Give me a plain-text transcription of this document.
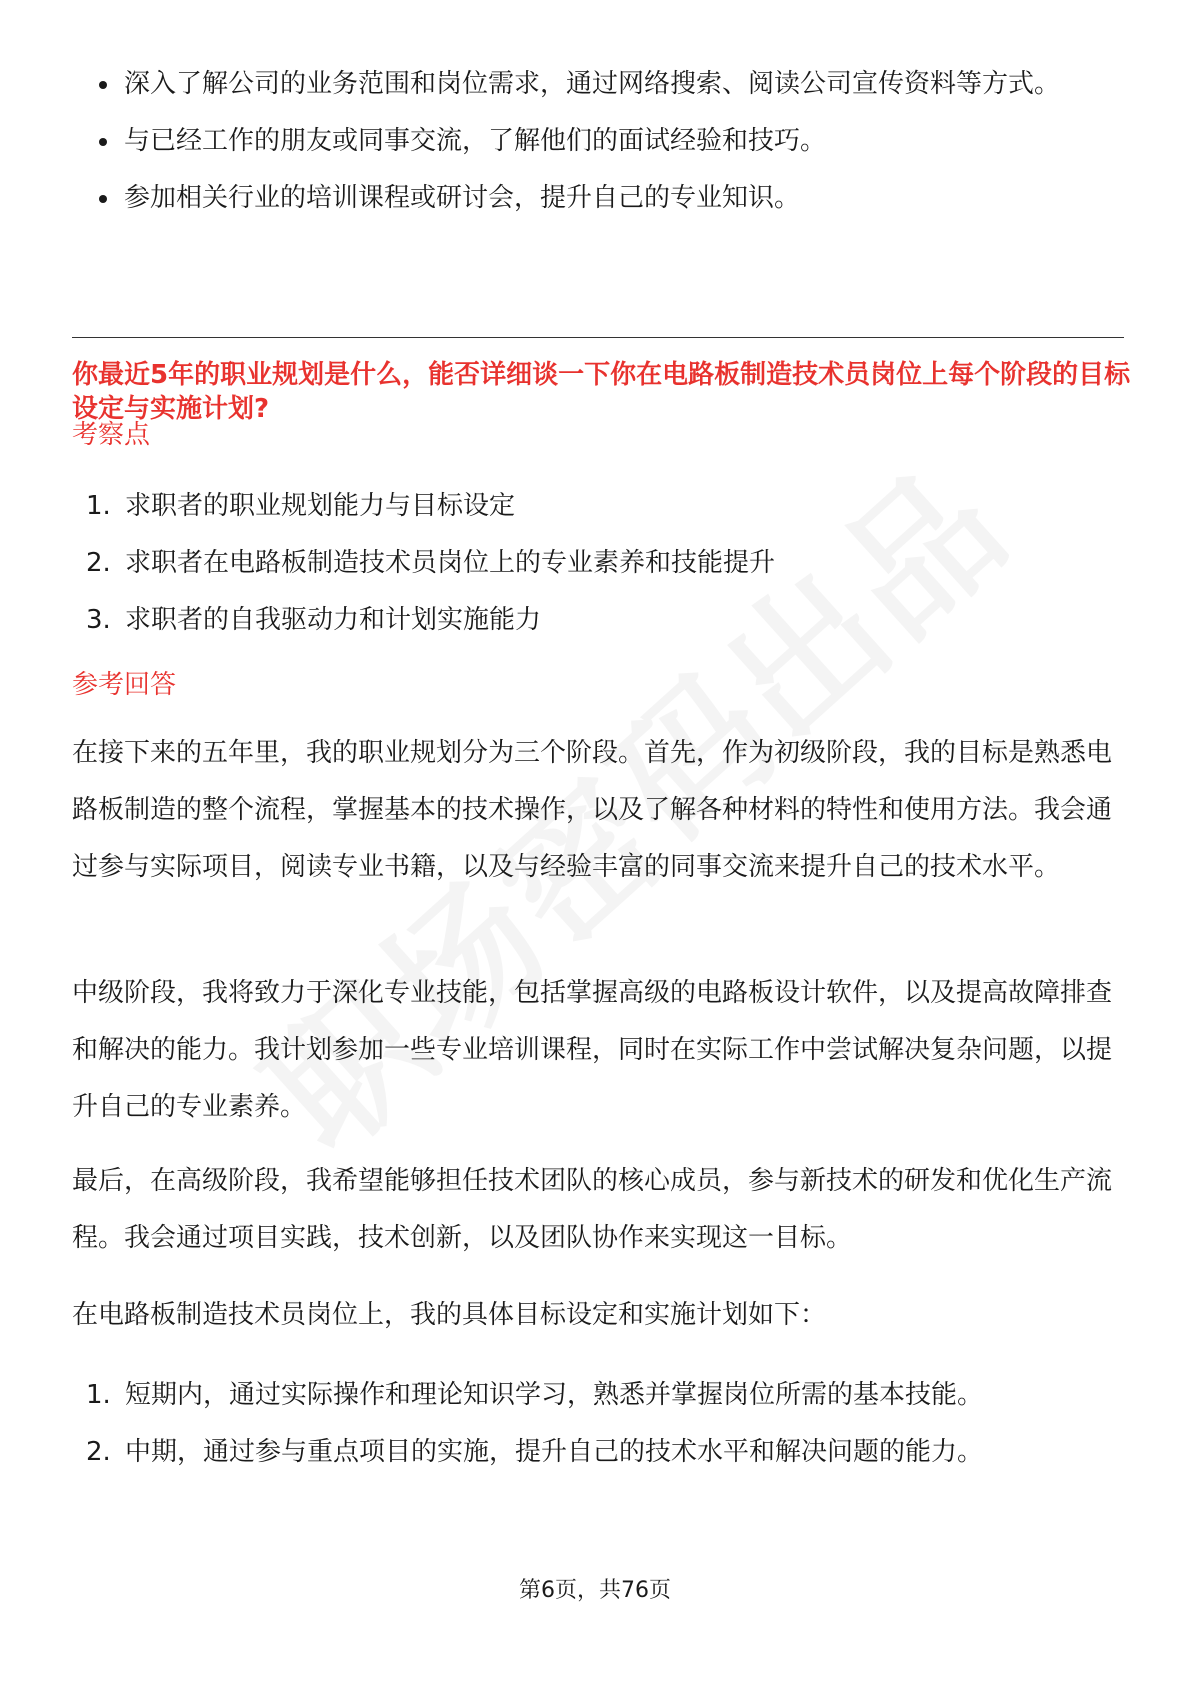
深入了解公司的业务范围和岗位需求，通过网络搜索、阅读公司宣传资料等方式。
与已经工作的朋友或同事交流，了解他们的面试经验和技巧。
参加相关行业的培训课程或研讨会，提升自己的专业知识。
你最近5年的职业规划是什么，能否详细谈一下你在电路板制造技术员岗位上每个阶段的目标设定与实施计划?
考察点
1. 求职者的职业规划能力与目标设定
2. 求职者在电路板制造技术员岗位上的专业素养和技能提升
3. 求职者的自我驱动力和计划实施能力
参考回答

在接下来的五年里，我的职业规划分为三个阶段。首先，作为初级阶段，我的目标是熟悉电路板制造的整个流程，掌握基本的技术操作，以及了解各种材料的特性和使用方法。我会通过参与实际项目，阅读专业书籍，以及与经验丰富的同事交流来提升自己的技术水平。

中级阶段，我将致力于深化专业技能，包括掌握高级的电路板设计软件，以及提高故障排查和解决的能力。我计划参加一些专业培训课程，同时在实际工作中尝试解决复杂问题，以提升自己的专业素养。

最后，在高级阶段，我希望能够担任技术团队的核心成员，参与新技术的研发和优化生产流程。我会通过项目实践，技术创新，以及团队协作来实现这一目标。

在电路板制造技术员岗位上，我的具体目标设定和实施计划如下：

1. 短期内，通过实际操作和理论知识学习，熟悉并掌握岗位所需的基本技能。
2. 中期，通过参与重点项目的实施，提升自己的技术水平和解决问题的能力。
第6页，共76页
